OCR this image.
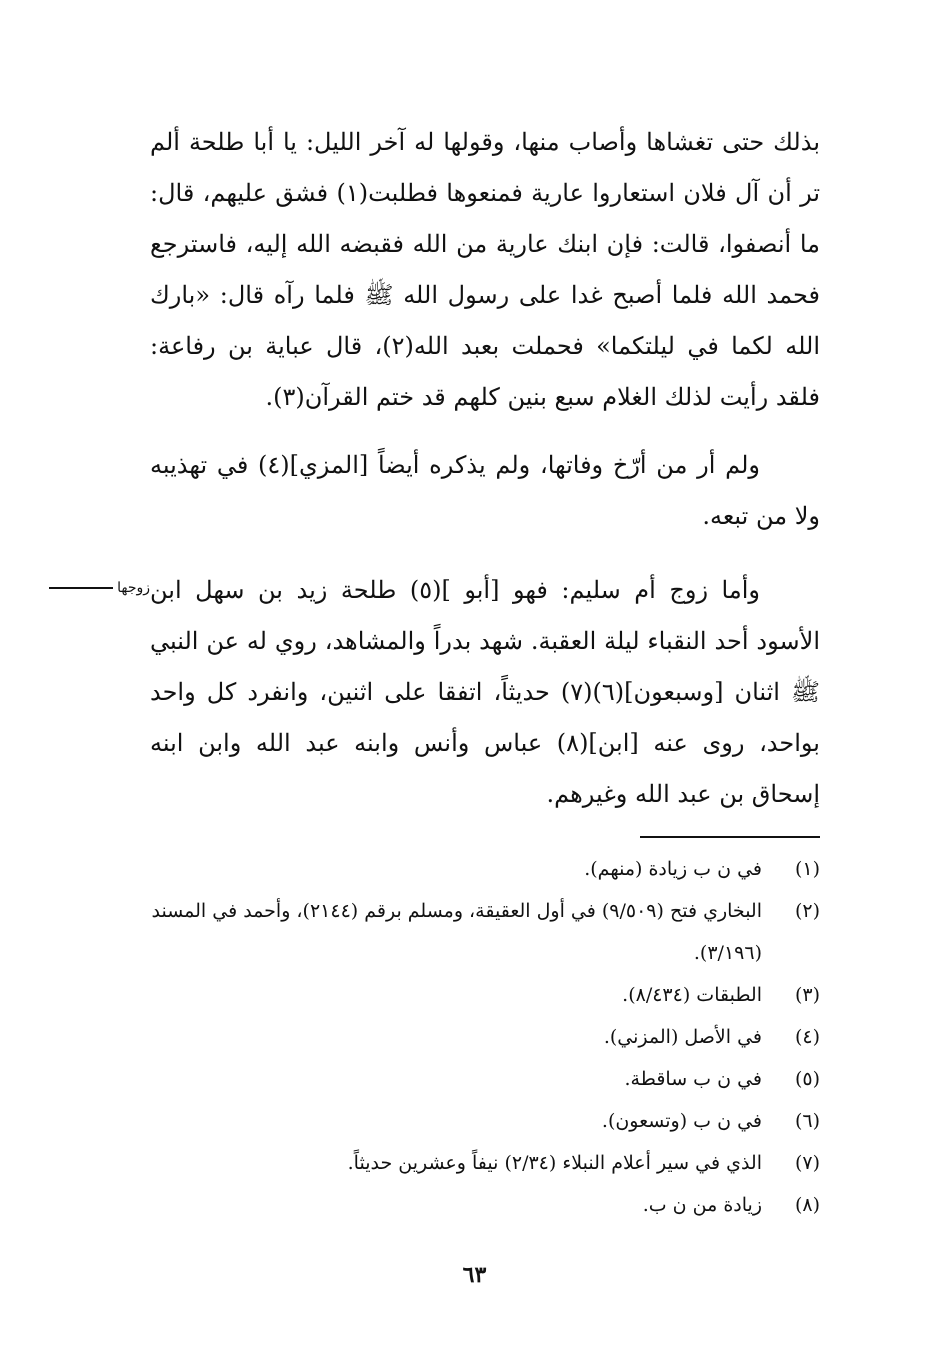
بذلك حتى تغشاها وأصاب منها، وقولها له آخر الليل: يا أبا طلحة ألم تر أن آل فلان استعاروا عارية فمنعوها فطلبت(١) فشق عليهم، قال: ما أنصفوا، قالت: فإن ابنك عارية من الله فقبضه الله إليه، فاسترجع فحمد الله فلما أصبح غدا على رسول الله ﷺ فلما رآه قال: «بارك الله لكما في ليلتكما» فحملت بعبد الله(٢)، قال عباية بن رفاعة: فلقد رأيت لذلك الغلام سبع بنين كلهم قد ختم القرآن(٣).

ولم أر من أرّخ وفاتها، ولم يذكره أيضاً [المزي](٤) في تهذيبه ولا من تبعه.

وأما زوج أم سليم: فهو [أبو ](٥) طلحة زيد بن سهل ابن الأسود أحد النقباء ليلة العقبة. شهد بدراً والمشاهد، روي له عن النبي ﷺ اثنان [وسبعون](٦)(٧) حديثاً، اتفقا على اثنين، وانفرد كل واحد بواحد، روى عنه [ابن](٨) عباس وأنس وابنه عبد الله وابن ابنه إسحاق بن عبد الله وغيرهم.

زوجها
(١)
في ن ب زيادة (منهم).
(٢)
البخاري فتح (٩/٥٠٩) في أول العقيقة، ومسلم برقم (٢١٤٤)، وأحمد في المسند (٣/١٩٦).
(٣)
الطبقات (٨/٤٣٤).
(٤)
في الأصل (المزني).
(٥)
في ن ب ساقطة.
(٦)
في ن ب (وتسعون).
(٧)
الذي في سير أعلام النبلاء (٢/٣٤) نيفاً وعشرين حديثاً.
(٨)
زيادة من ن ب.
٦٣
